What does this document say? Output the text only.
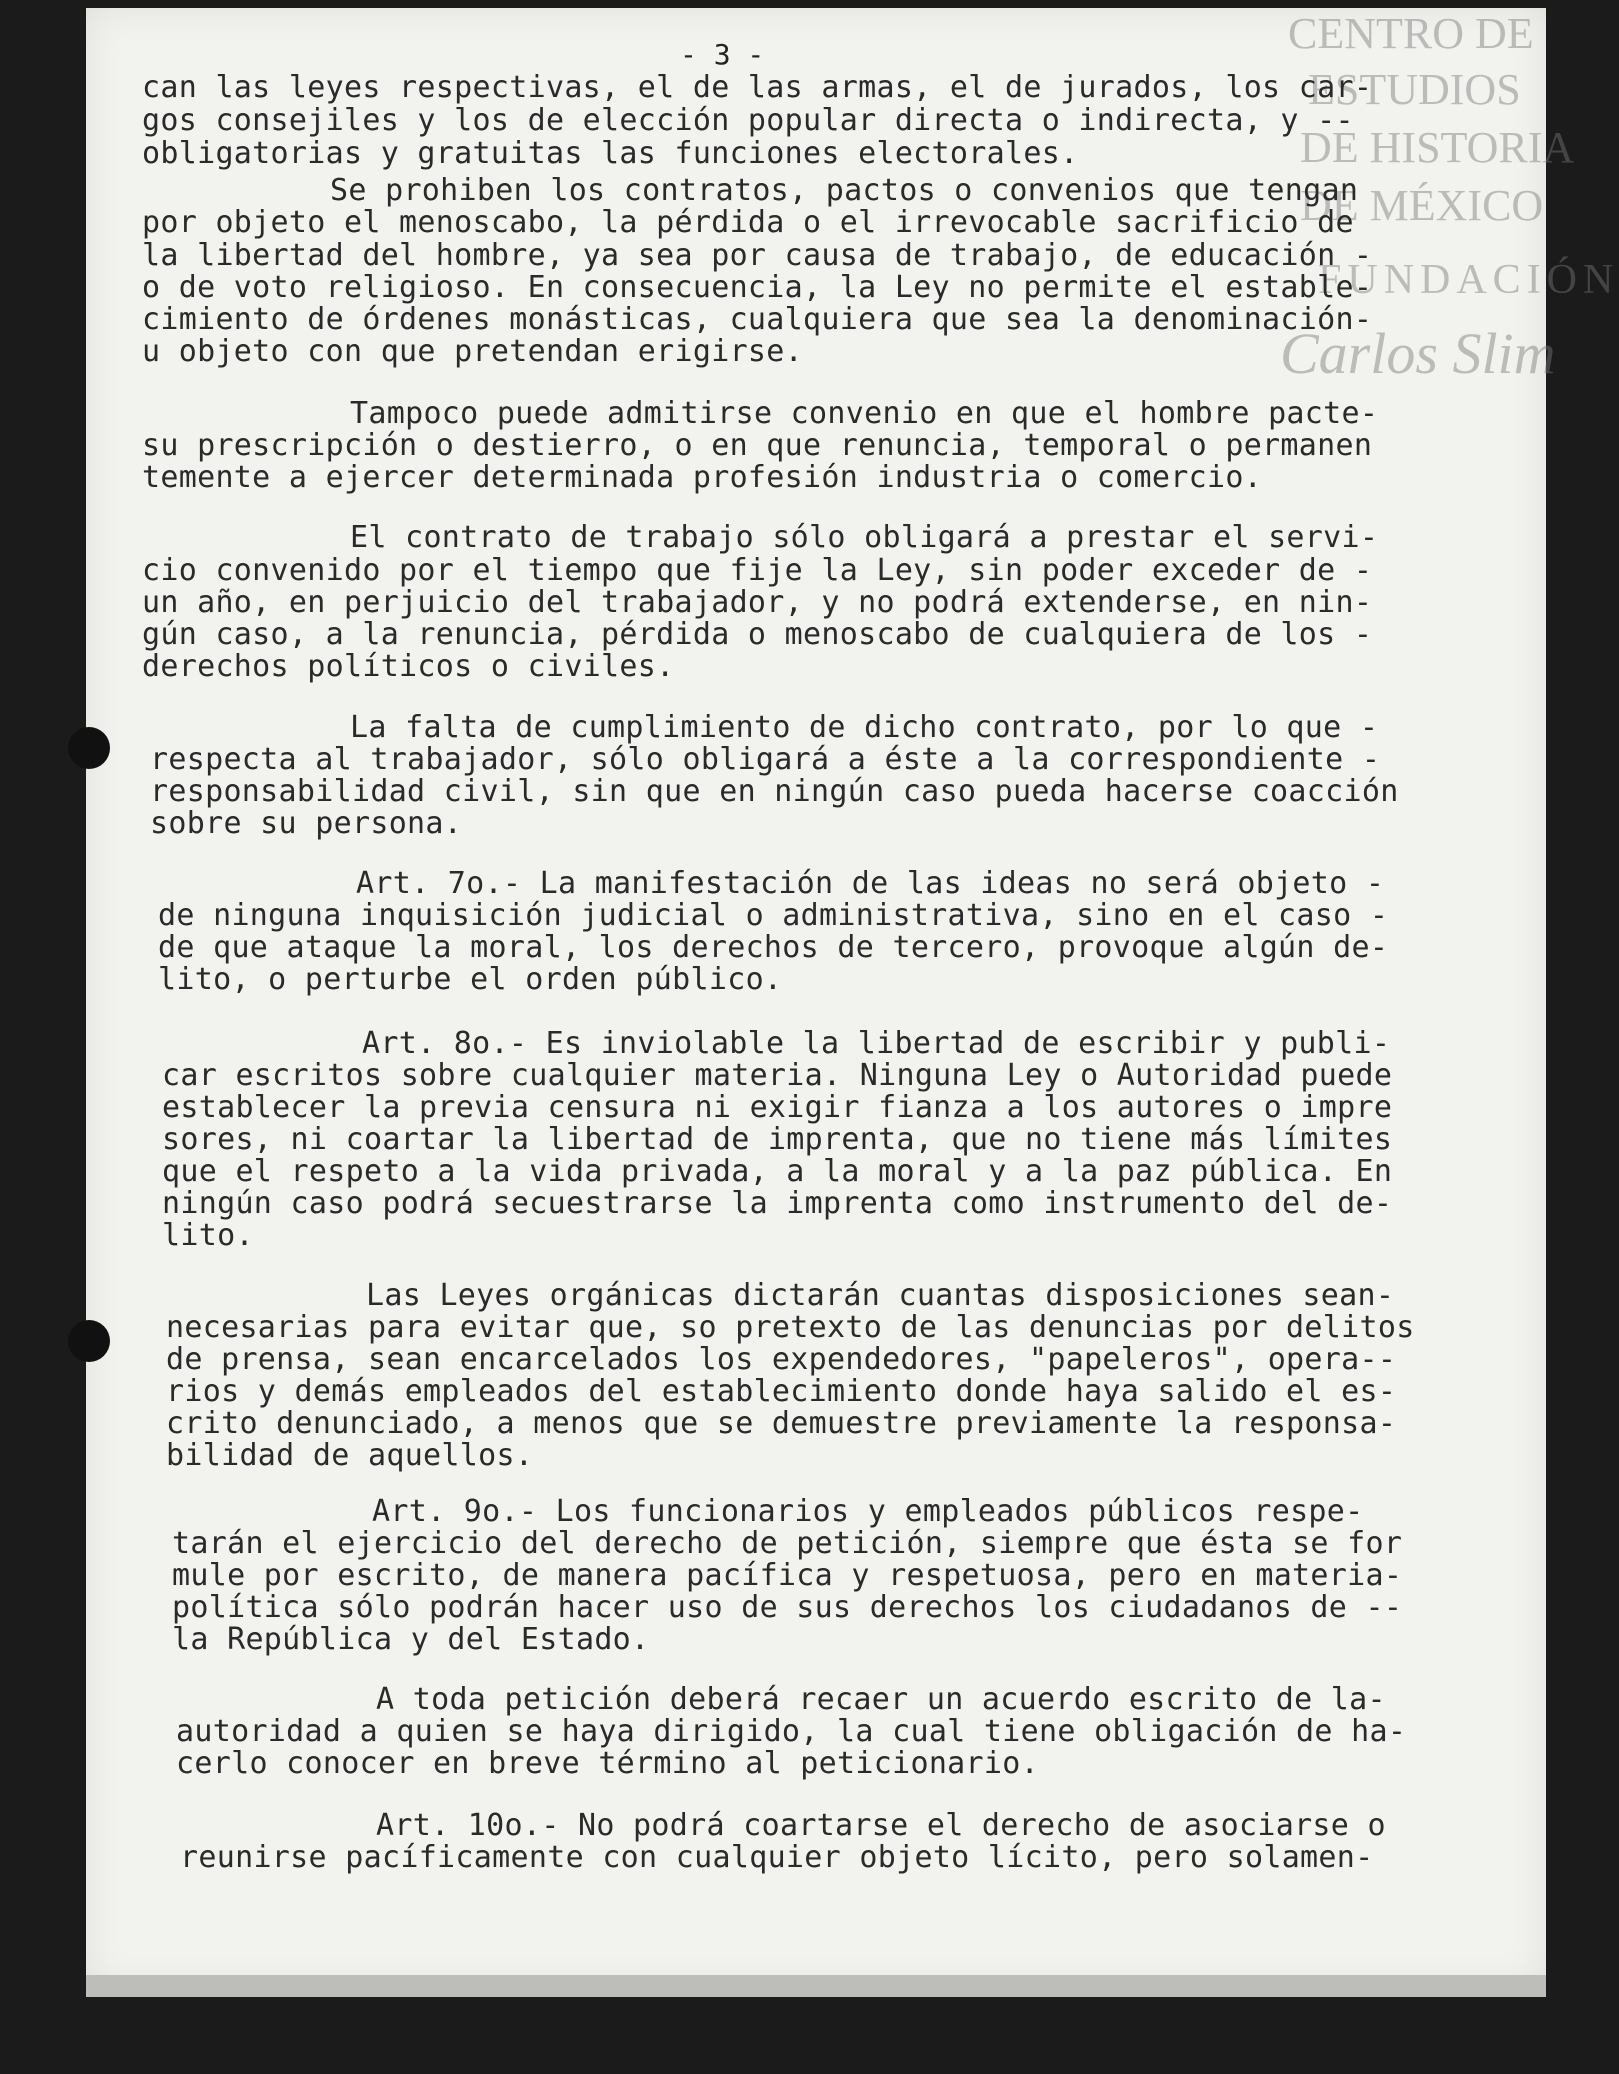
- 3 -	CENTRO DE
ESTUDIOS
DE HISTORIA
DE MÉXICO
FUNDACIÓN
Carlos Slim
can las leyes respectivas, el de las armas, el de jurados, los car-
gos consejiles y los de elección popular directa o indirecta, y --
obligatorias y gratuitas las funciones electorales.
Se prohiben los contratos, pactos o convenios que tengan
por objeto el menoscabo, la pérdida o el irrevocable sacrificio de
la libertad del hombre, ya sea por causa de trabajo, de educación -
o de voto religioso. En consecuencia, la Ley no permite el estable-
cimiento de órdenes monásticas, cualquiera que sea la denominación-
u objeto con que pretendan erigirse.
Tampoco puede admitirse convenio en que el hombre pacte-
su prescripción o destierro, o en que renuncia, temporal o permanen
temente a ejercer determinada profesión industria o comercio.
El contrato de trabajo sólo obligará a prestar el servi-
cio convenido por el tiempo que fije la Ley, sin poder exceder de -
un año, en perjuicio del trabajador, y no podrá extenderse, en nin-
gún caso, a la renuncia, pérdida o menoscabo de cualquiera de los -
derechos políticos o civiles.
La falta de cumplimiento de dicho contrato, por lo que -
respecta al trabajador, sólo obligará a éste a la correspondiente -
responsabilidad civil, sin que en ningún caso pueda hacerse coacción
sobre su persona.
Art. 7o.- La manifestación de las ideas no será objeto -
de ninguna inquisición judicial o administrativa, sino en el caso -
de que ataque la moral, los derechos de tercero, provoque algún de-
lito, o perturbe el orden público.
Art. 8o.- Es inviolable la libertad de escribir y publi-
car escritos sobre cualquier materia. Ninguna Ley o Autoridad puede
establecer la previa censura ni exigir fianza a los autores o impre
sores, ni coartar la libertad de imprenta, que no tiene más límites
que el respeto a la vida privada, a la moral y a la paz pública. En
ningún caso podrá secuestrarse la imprenta como instrumento del de-
lito.
Las Leyes orgánicas dictarán cuantas disposiciones sean-
necesarias para evitar que, so pretexto de las denuncias por delitos
de prensa, sean encarcelados los expendedores, "papeleros", opera--
rios y demás empleados del establecimiento donde haya salido el es-
crito denunciado, a menos que se demuestre previamente la responsa-
bilidad de aquellos.
Art. 9o.- Los funcionarios y empleados públicos respe-
tarán el ejercicio del derecho de petición, siempre que ésta se for
mule por escrito, de manera pacífica y respetuosa, pero en materia-
política sólo podrán hacer uso de sus derechos los ciudadanos de --
la República y del Estado.
A toda petición deberá recaer un acuerdo escrito de la-
autoridad a quien se haya dirigido, la cual tiene obligación de ha-
cerlo conocer en breve término al peticionario.
Art. 10o.- No podrá coartarse el derecho de asociarse o
reunirse pacíficamente con cualquier objeto lícito, pero solamen-
